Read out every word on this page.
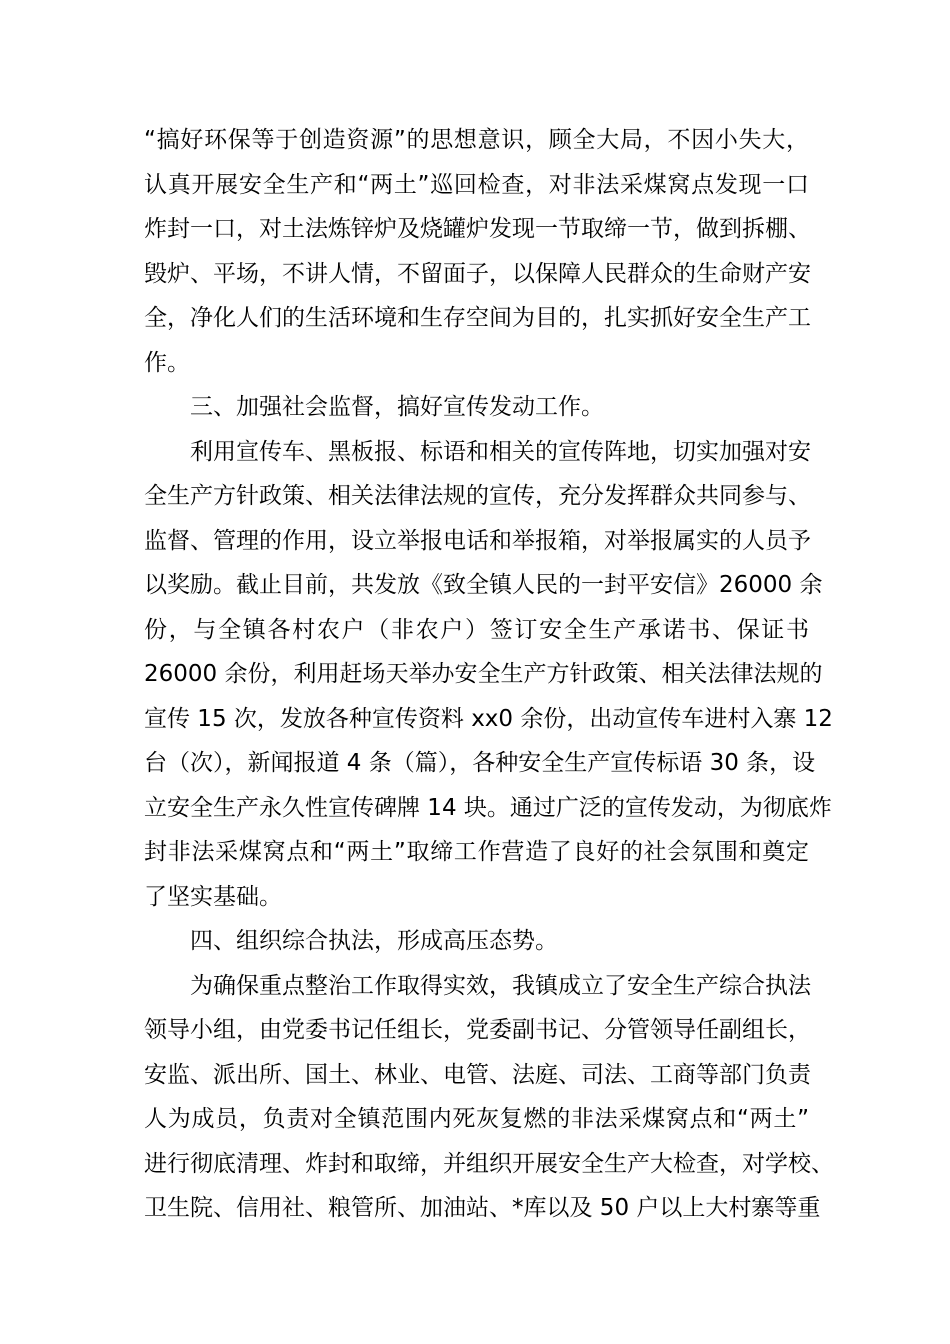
“搞好环保等于创造资源”的思想意识，顾全大局，不因小失大，
认真开展安全生产和“两土”巡回检查，对非法采煤窝点发现一口
炸封一口，对土法炼锌炉及烧罐炉发现一节取缔一节，做到拆棚、
毁炉、平场，不讲人情，不留面子，以保障人民群众的生命财产安
全，净化人们的生活环境和生存空间为目的，扎实抓好安全生产工
作。
三、加强社会监督，搞好宣传发动工作。
利用宣传车、黑板报、标语和相关的宣传阵地，切实加强对安
全生产方针政策、相关法律法规的宣传，充分发挥群众共同参与、
监督、管理的作用，设立举报电话和举报箱，对举报属实的人员予
以奖励。截止目前，共发放《致全镇人民的一封平安信》26000 余
份，与全镇各村农户（非农户）签订安全生产承诺书、保证书
26000 余份，利用赶场天举办安全生产方针政策、相关法律法规的
宣传 15 次，发放各种宣传资料 xx0 余份，出动宣传车进村入寨 12
台（次），新闻报道 4 条（篇），各种安全生产宣传标语 30 条，设
立安全生产永久性宣传碑牌 14 块。通过广泛的宣传发动，为彻底炸
封非法采煤窝点和“两土”取缔工作营造了良好的社会氛围和奠定
了坚实基础。
四、组织综合执法，形成高压态势。
为确保重点整治工作取得实效，我镇成立了安全生产综合执法
领导小组，由党委书记任组长，党委副书记、分管领导任副组长，
安监、派出所、国土、林业、电管、法庭、司法、工商等部门负责
人为成员，负责对全镇范围内死灰复燃的非法采煤窝点和“两土”
进行彻底清理、炸封和取缔，并组织开展安全生产大检查，对学校、
卫生院、信用社、粮管所、加油站、*库以及 50 户以上大村寨等重
